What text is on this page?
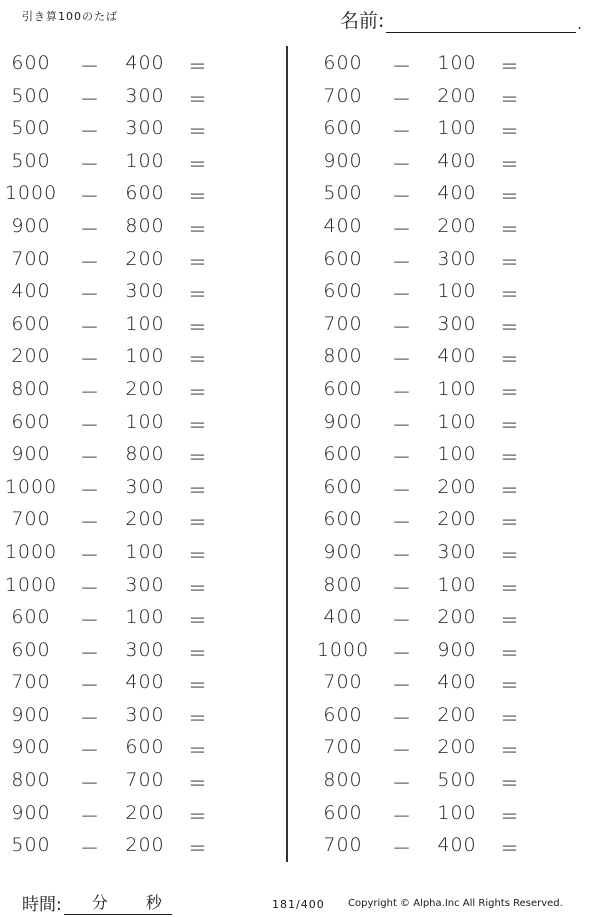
引き算100のたば	名前:	.
600	－	400	＝
500	－	300	＝
500	－	300	＝
500	－	100	＝
1000 －	600	＝
900	－	800	＝
700	－	200	＝
400	－	300	＝
600	－	100	＝
200	－	100	＝
800	－	200	＝
600	－	100	＝
900	－	800	＝
1000 －	300	＝
700	－	200	＝
1000 －	100	＝
1000 －	300	＝
600	－	100	＝
600	－	300	＝
700	－	400	＝
900	－	300	＝
900	－	600	＝
800	－	700	＝
900	－	200	＝
500	－	200	＝
600	－	100	＝
700	－	200	＝
600	－	100	＝
900	－	400	＝
500	－	400	＝
400	－	200	＝
600	－	300	＝
600	－	100	＝
700	－	300	＝
800	－	400	＝
600	－	100	＝
900	－	100	＝
600	－	100	＝
600	－	200	＝
600	－	200	＝
900	－	300	＝
800	－	100	＝
400	－	200	＝
1000 －	900	＝
700	－	400	＝
600	－	200	＝
700	－	200	＝
800	－	500	＝
600	－	100	＝
700	－	400	＝
時間: 分 秒	181/400 Copyright © Alpha.Inc All Rights Reserved.
